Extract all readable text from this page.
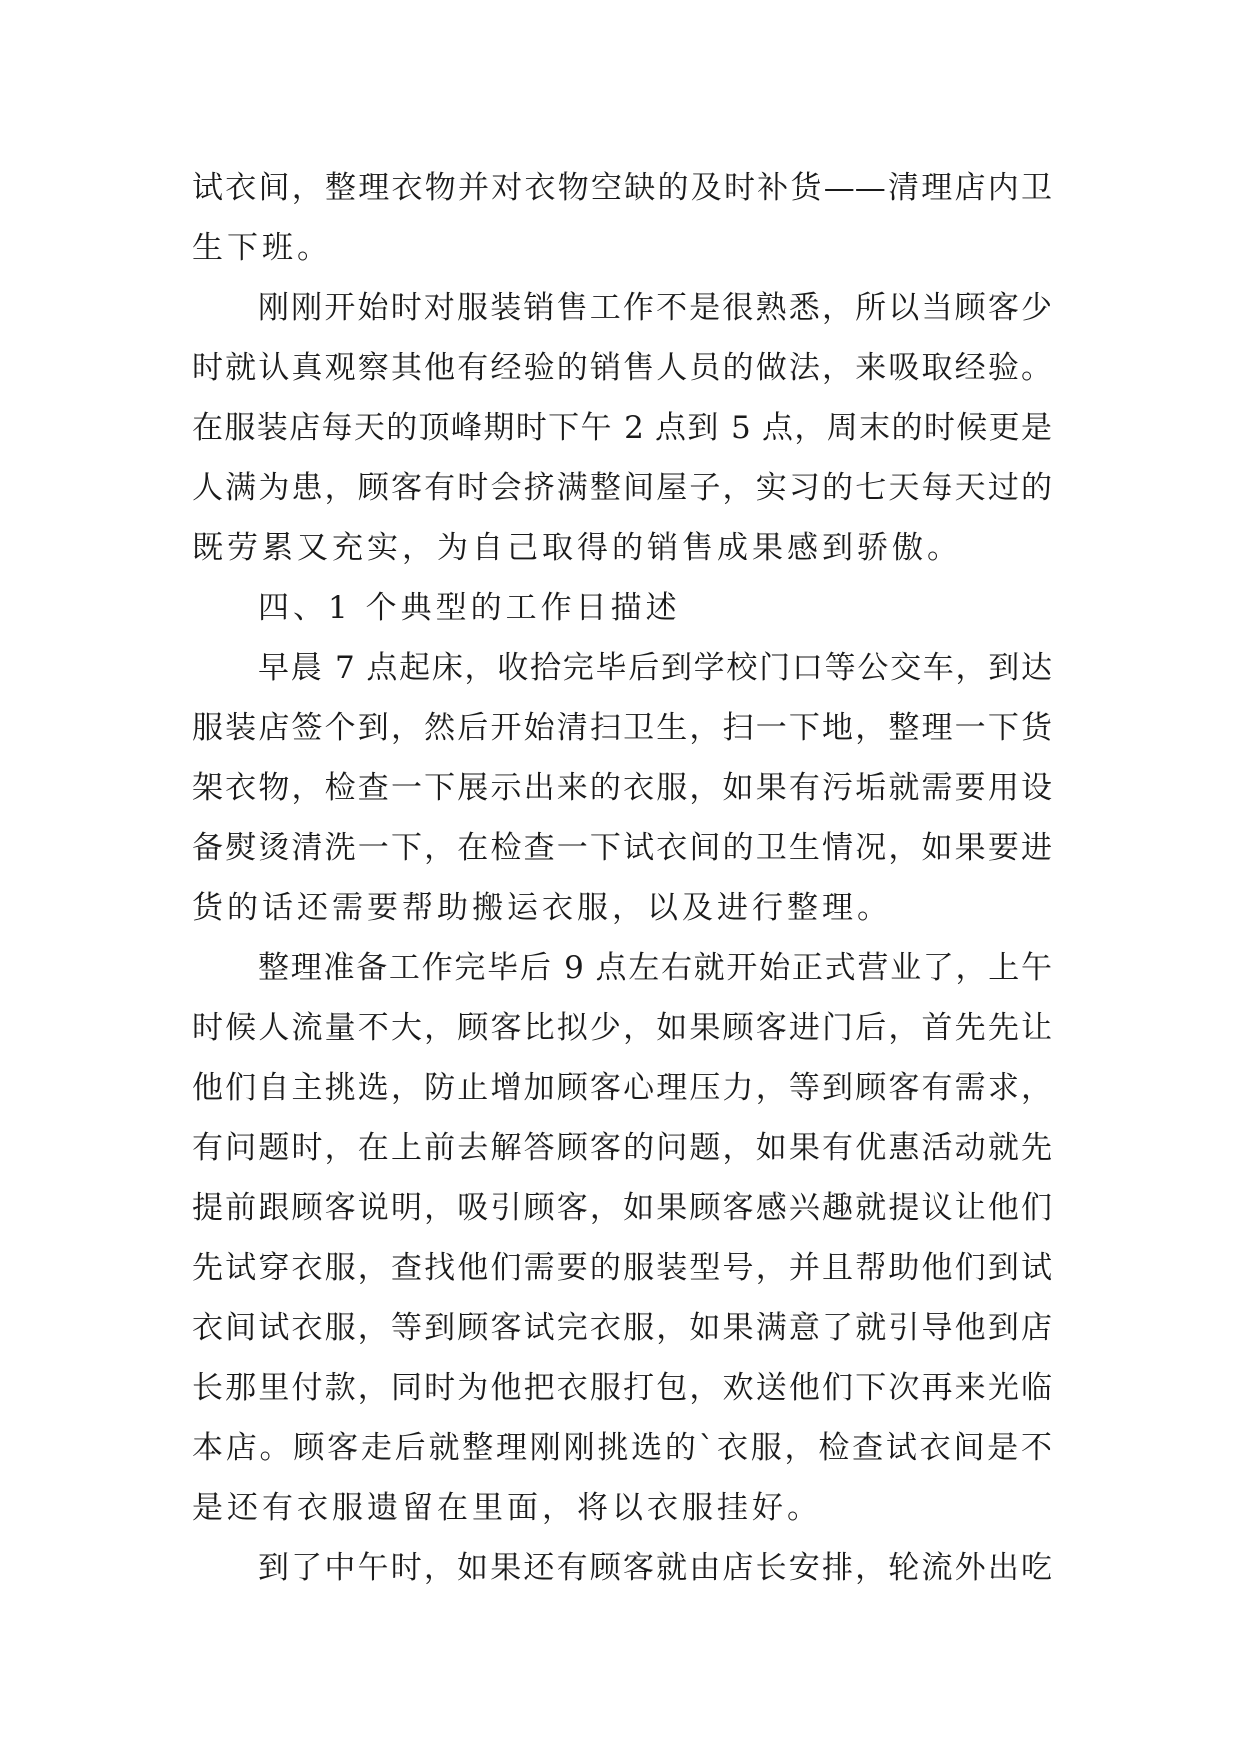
试衣间，整理衣物并对衣物空缺的及时补货——清理店内卫
生下班。
刚刚开始时对服装销售工作不是很熟悉，所以当顾客少
时就认真观察其他有经验的销售人员的做法，来吸取经验。
在服装店每天的顶峰期时下午 2 点到 5 点，周末的时候更是
人满为患，顾客有时会挤满整间屋子，实习的七天每天过的
既劳累又充实，为自己取得的销售成果感到骄傲。
四、1 个典型的工作日描述
早晨 7 点起床，收拾完毕后到学校门口等公交车，到达
服装店签个到，然后开始清扫卫生，扫一下地，整理一下货
架衣物，检查一下展示出来的衣服，如果有污垢就需要用设
备熨烫清洗一下，在检查一下试衣间的卫生情况，如果要进
货的话还需要帮助搬运衣服，以及进行整理。
整理准备工作完毕后 9 点左右就开始正式营业了，上午
时候人流量不大，顾客比拟少，如果顾客进门后，首先先让
他们自主挑选，防止增加顾客心理压力，等到顾客有需求，
有问题时，在上前去解答顾客的问题，如果有优惠活动就先
提前跟顾客说明，吸引顾客，如果顾客感兴趣就提议让他们
先试穿衣服，查找他们需要的服装型号，并且帮助他们到试
衣间试衣服，等到顾客试完衣服，如果满意了就引导他到店
长那里付款，同时为他把衣服打包，欢送他们下次再来光临
本店。顾客走后就整理刚刚挑选的`衣服，检查试衣间是不
是还有衣服遗留在里面，将以衣服挂好。
到了中午时，如果还有顾客就由店长安排，轮流外出吃
